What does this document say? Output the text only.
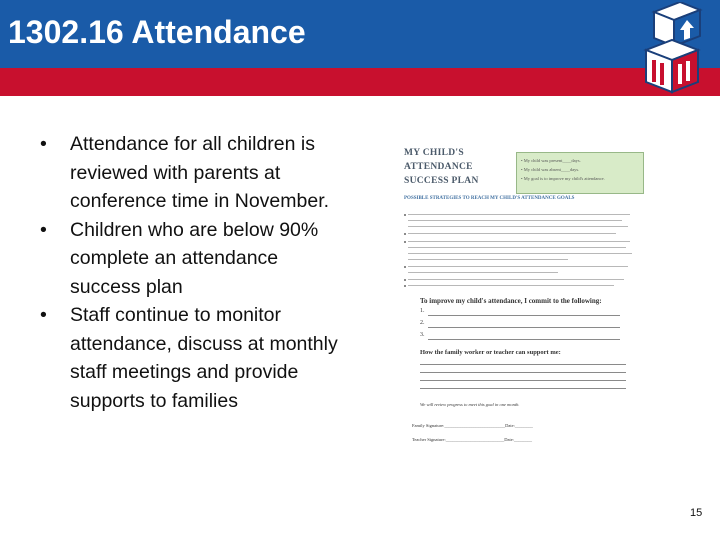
1302.16 Attendance
• Attendance for all children is reviewed with parents at conference time in November.
• Children who are below 90% complete an attendance success plan
• Staff continue to monitor attendance, discuss at monthly staff meetings and provide supports to families
MY CHILD'S
ATTENDANCE
SUCCESS PLAN
• My child was present____days.
• My child was absent____days.
• My goal is to improve my child's attendance.
POSSIBLE STRATEGIES TO REACH MY CHILD'S ATTENDANCE GOALS
To improve my child's attendance, I commit to the following:
1.
2.
3.
How the family worker or teacher can support me:
We will review progress to meet this goal in one month.
Family Signature:___________________________Date:________
Teacher Signature:__________________________Date:________
15
